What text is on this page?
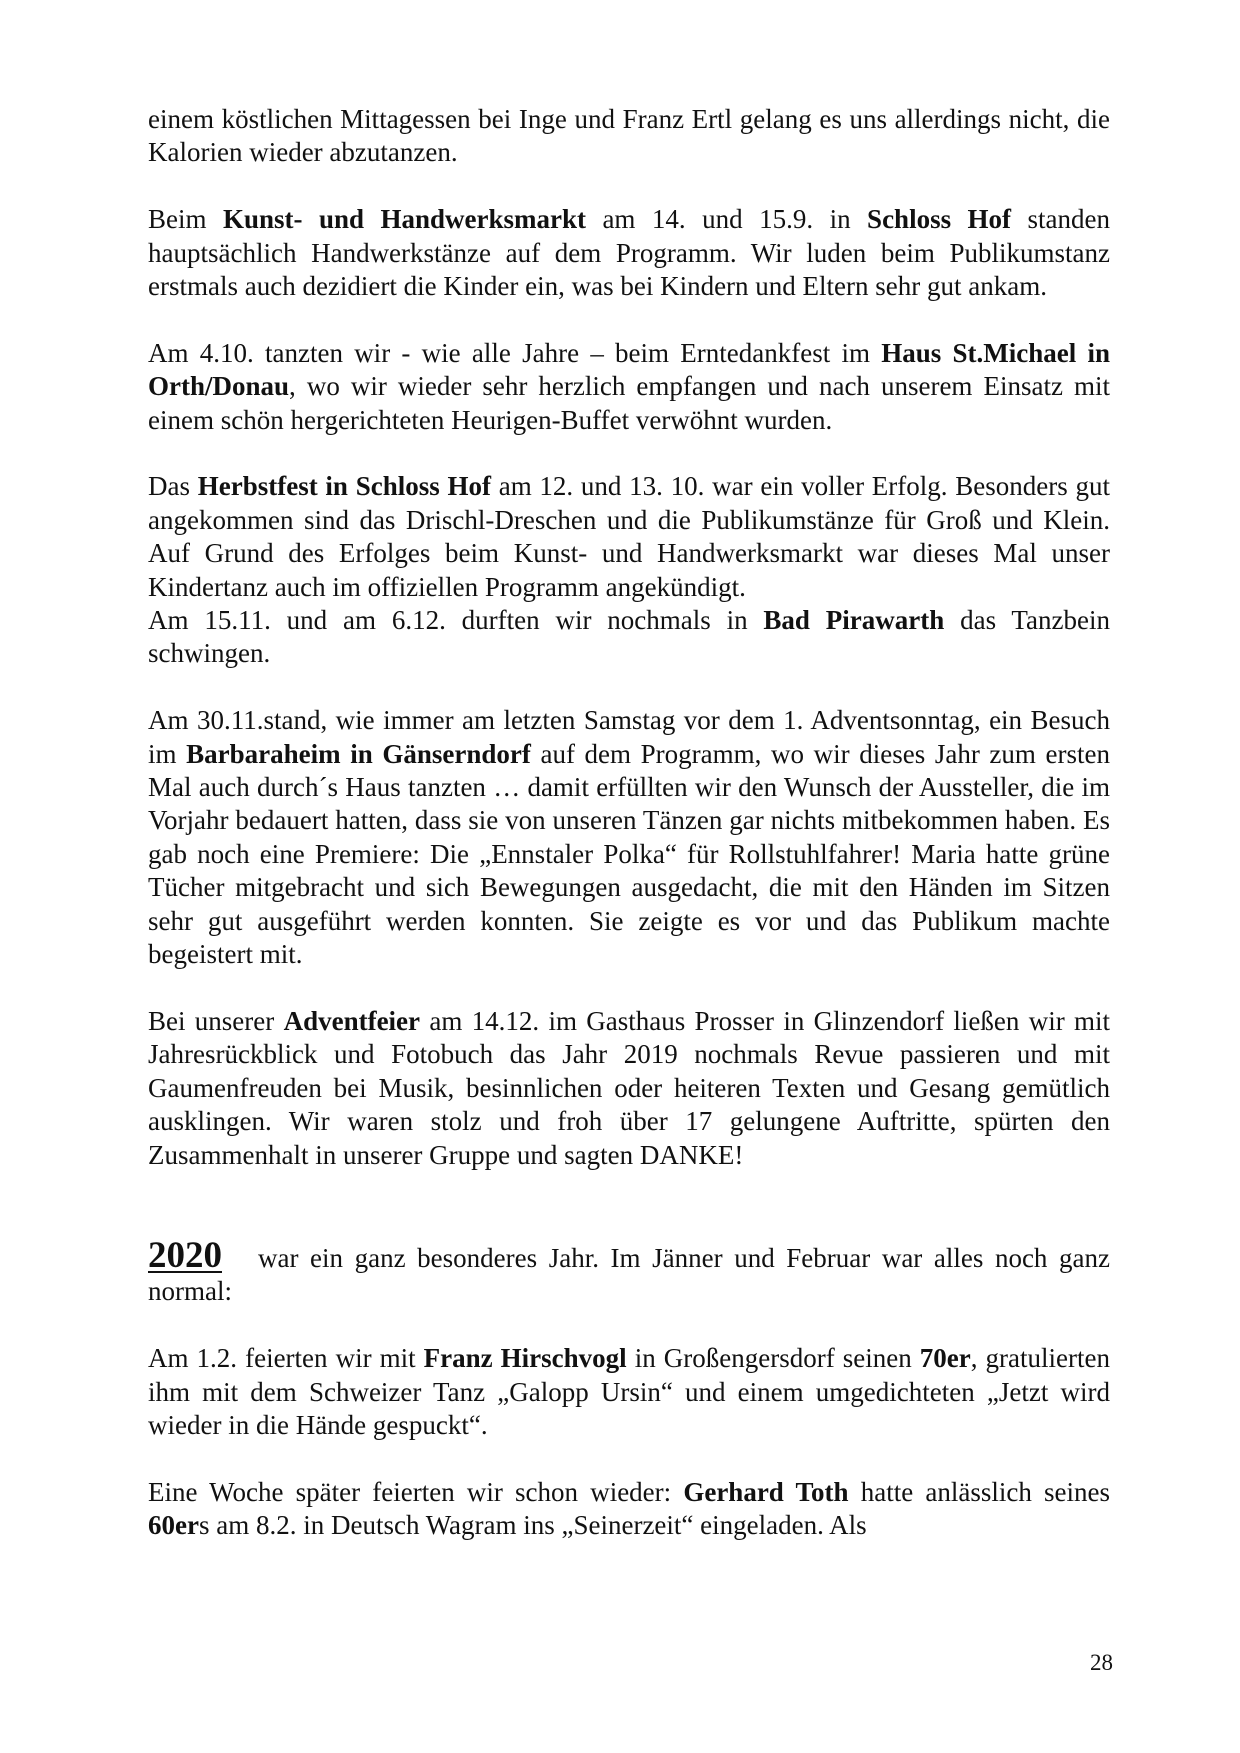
einem köstlichen Mittagessen bei Inge und Franz Ertl gelang es uns allerdings nicht, die Kalorien wieder abzutanzen.

Beim Kunst- und Handwerksmarkt am 14. und 15.9. in Schloss Hof standen hauptsächlich Handwerkstänze auf dem Programm. Wir luden beim Publikumstanz erstmals auch dezidiert die Kinder ein, was bei Kindern und Eltern sehr gut ankam.

Am 4.10. tanzten wir - wie alle Jahre – beim Erntedankfest im Haus St.Michael in Orth/Donau, wo wir wieder sehr herzlich empfangen und nach unserem Einsatz mit einem schön hergerichteten Heurigen-Buffet verwöhnt wurden.

Das Herbstfest in Schloss Hof am 12. und 13. 10. war ein voller Erfolg. Besonders gut angekommen sind das Drischl-Dreschen und die Publikumstänze für Groß und Klein. Auf Grund des Erfolges beim Kunst- und Handwerksmarkt war dieses Mal unser Kindertanz auch im offiziellen Programm angekündigt.

Am 15.11. und am 6.12. durften wir nochmals in Bad Pirawarth das Tanzbein schwingen.

Am 30.11.stand, wie immer am letzten Samstag vor dem 1. Adventsonntag, ein Besuch im Barbaraheim in Gänserndorf auf dem Programm, wo wir dieses Jahr zum ersten Mal auch durch´s Haus tanzten … damit erfüllten wir den Wunsch der Aussteller, die im Vorjahr bedauert hatten, dass sie von unseren Tänzen gar nichts mitbekommen haben. Es gab noch eine Premiere: Die „Ennstaler Polka“ für Rollstuhlfahrer! Maria hatte grüne Tücher mitgebracht und sich Bewegungen ausgedacht, die mit den Händen im Sitzen sehr gut ausgeführt werden konnten. Sie zeigte es vor und das Publikum machte begeistert mit.

Bei unserer Adventfeier am 14.12. im Gasthaus Prosser in Glinzendorf ließen wir mit Jahresrückblick und Fotobuch das Jahr 2019 nochmals Revue passieren und mit Gaumenfreuden bei Musik, besinnlichen oder heiteren Texten und Gesang gemütlich ausklingen. Wir waren stolz und froh über 17 gelungene Auftritte, spürten den Zusammenhalt in unserer Gruppe und sagten DANKE!

2020 war ein ganz besonderes Jahr. Im Jänner und Februar war alles noch ganz normal:

Am 1.2. feierten wir mit Franz Hirschvogl in Großengersdorf seinen 70er, gratulierten ihm mit dem Schweizer Tanz „Galopp Ursin“ und einem umgedichteten „Jetzt wird wieder in die Hände gespuckt“.

Eine Woche später feierten wir schon wieder: Gerhard Toth hatte anlässlich seines 60ers am 8.2. in Deutsch Wagram ins „Seinerzeit“ eingeladen. Als

28
